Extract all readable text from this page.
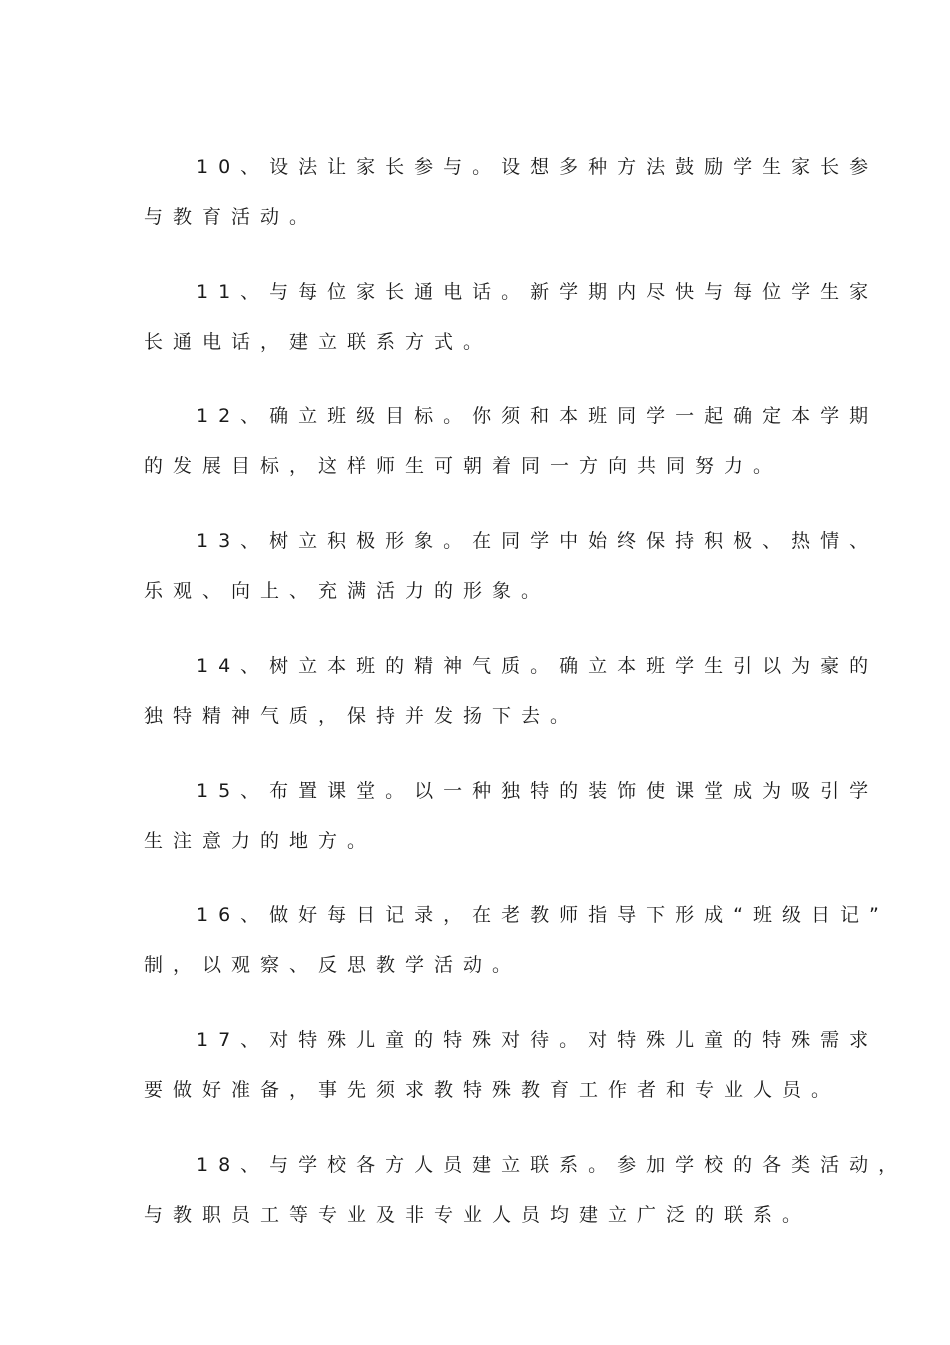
10、设法让家长参与。设想多种方法鼓励学生家长参
与教育活动。
11、与每位家长通电话。新学期内尽快与每位学生家
长通电话，建立联系方式。
12、确立班级目标。你须和本班同学一起确定本学期
的发展目标，这样师生可朝着同一方向共同努力。
13、树立积极形象。在同学中始终保持积极、热情、
乐观、向上、充满活力的形象。
14、树立本班的精神气质。确立本班学生引以为豪的
独特精神气质，保持并发扬下去。
15、布置课堂。以一种独特的装饰使课堂成为吸引学
生注意力的地方。
16、做好每日记录，在老教师指导下形成“班级日记”
制，以观察、反思教学活动。
17、对特殊儿童的特殊对待。对特殊儿童的特殊需求
要做好准备，事先须求教特殊教育工作者和专业人员。
18、与学校各方人员建立联系。参加学校的各类活动，
与教职员工等专业及非专业人员均建立广泛的联系。
